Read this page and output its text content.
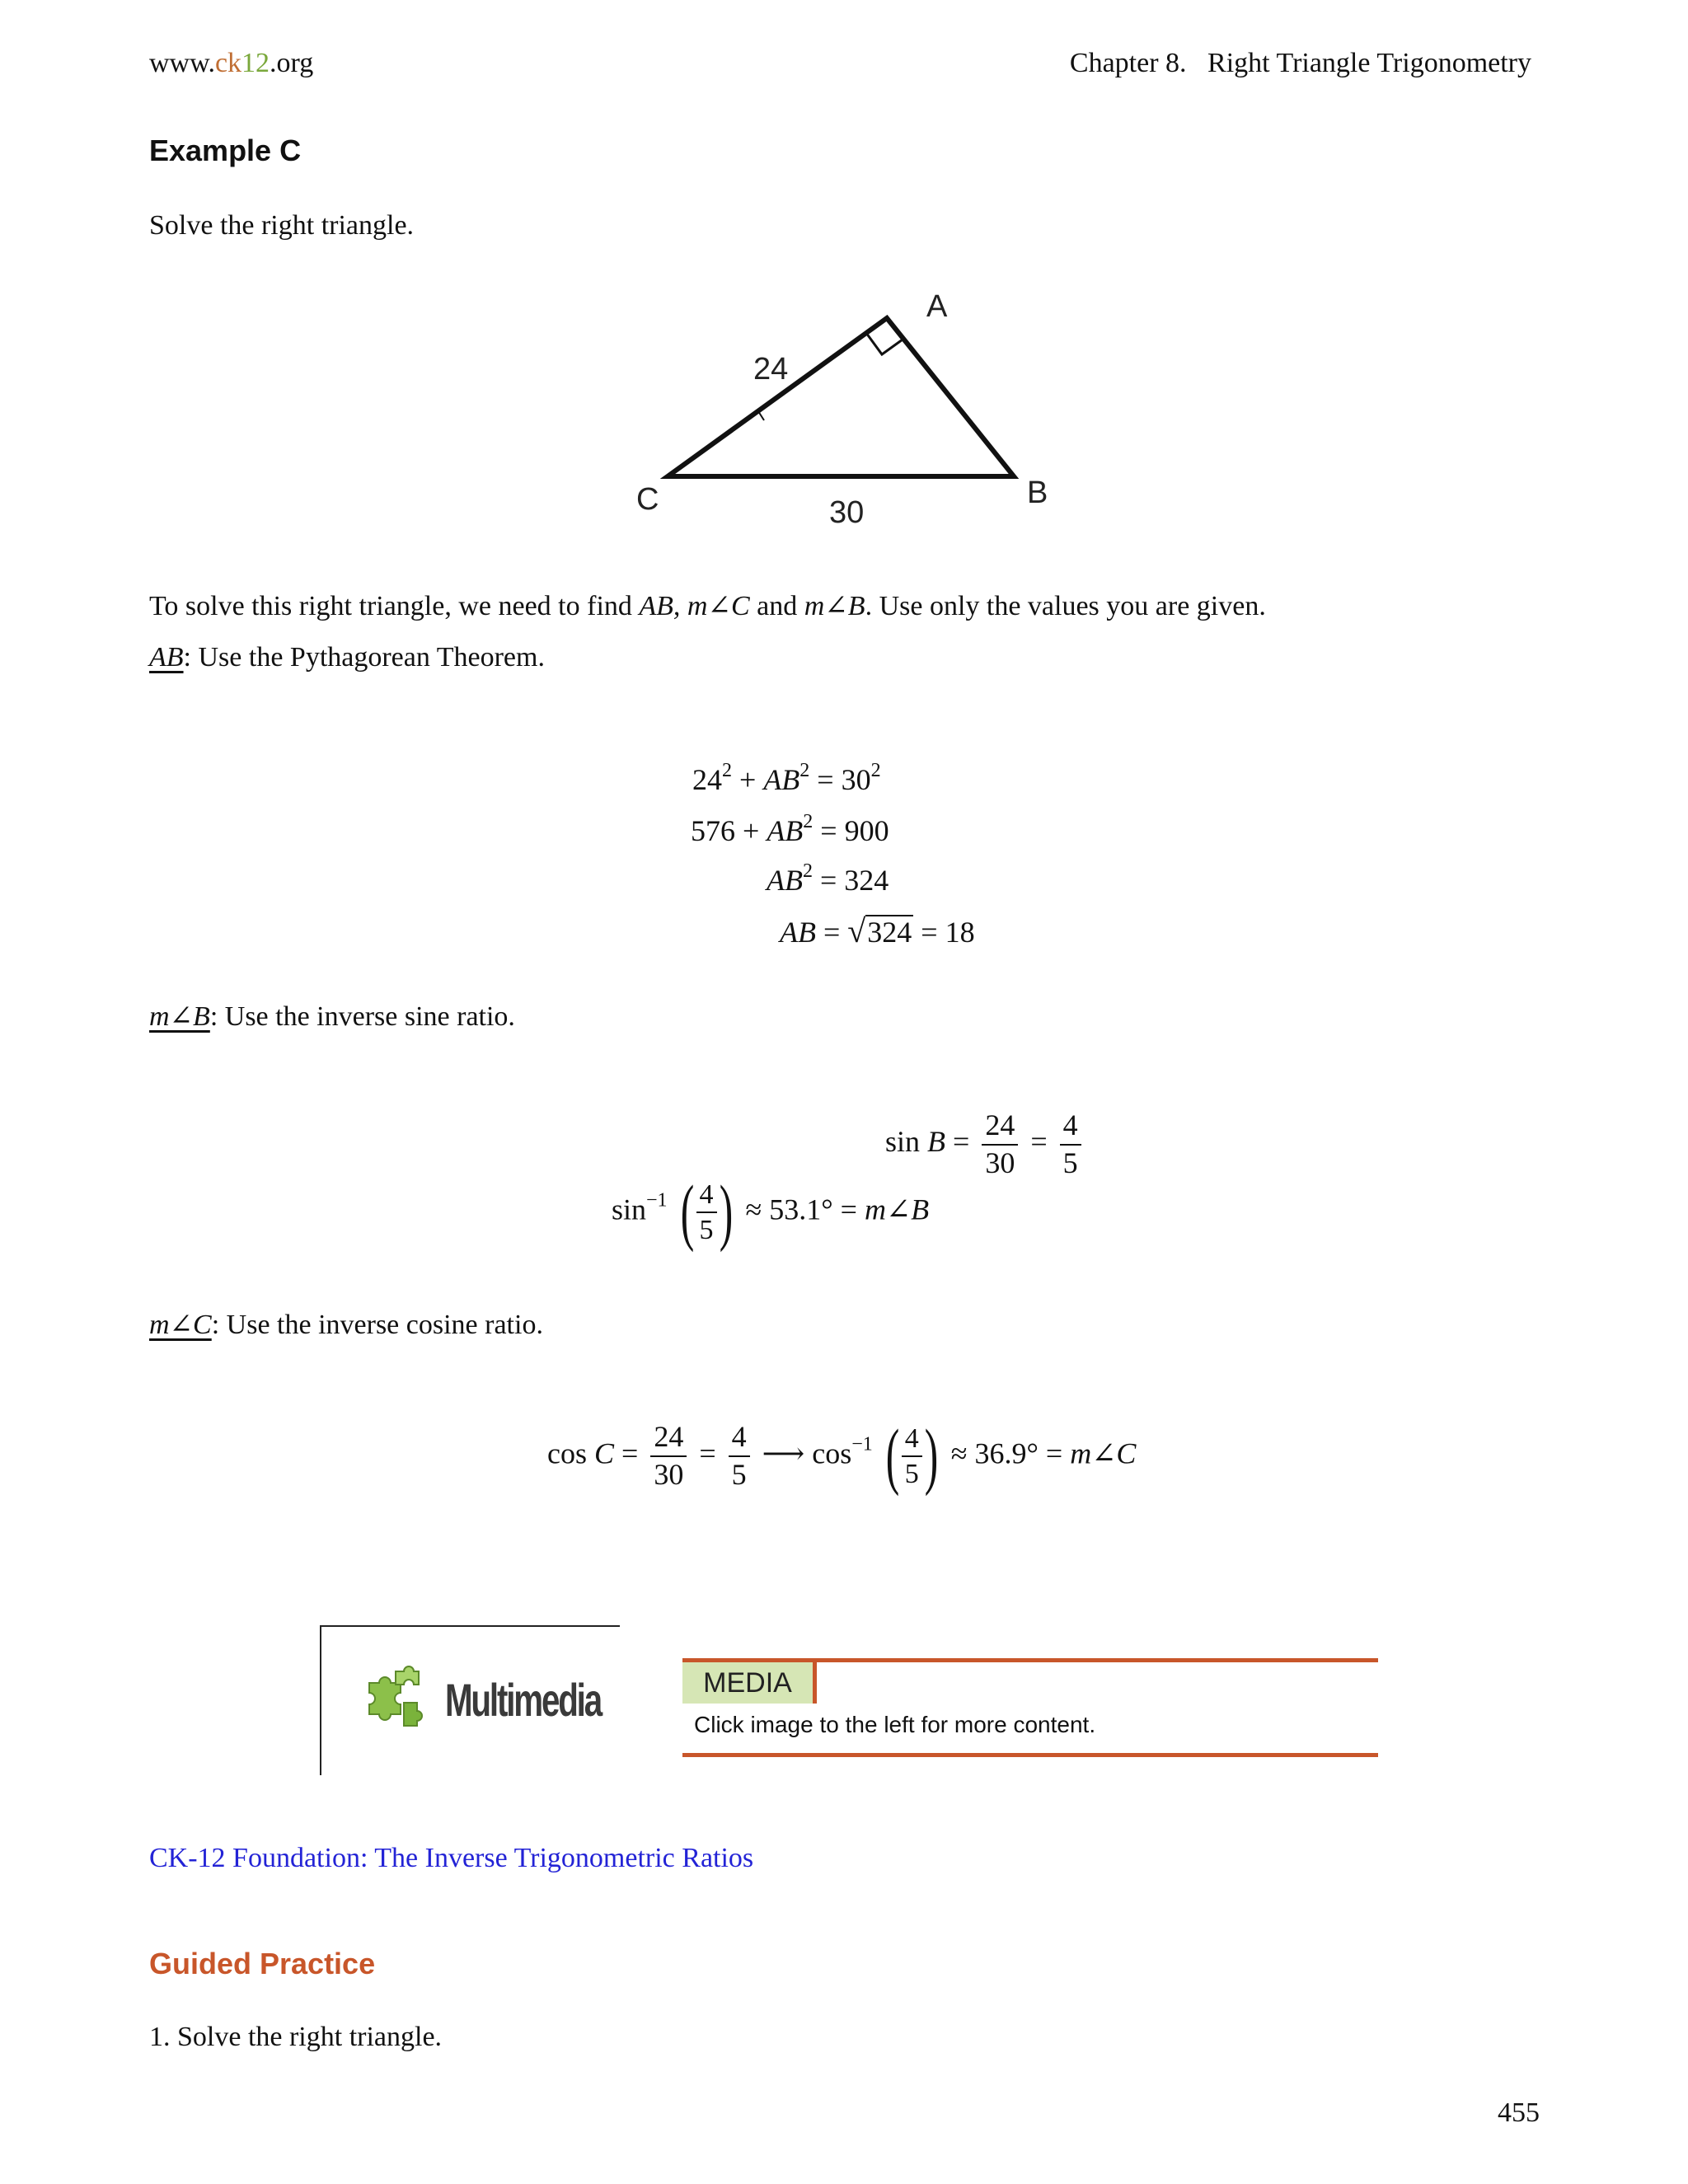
www.ck12.org	Chapter 8.   Right Triangle Trigonometry
Example C
Solve the right triangle.
A
B
C
24
30
To solve this right triangle, we need to find AB, m∠C and m∠B. Use only the values you are given.
AB: Use the Pythagorean Theorem.
$24^2 + AB^2 = 30^2$
$576 + AB^2 = 900$
$AB^2 = 324$
AB = √324 = 18
m∠B: Use the inverse sine ratio.
$\sin B = \frac{24}{30} = \frac{4}{5}$
$\sin^{-1}$ ( $\frac{4}{5}$ ) ≈ 53.1° = m∠B
m∠C: Use the inverse cosine ratio.
$\cos C = \frac{24}{30} = \frac{4}{5}$ ⟶ $\cos^{-1}$ ( $\frac{4}{5}$ ) ≈ 36.9° = m∠C
Multimedia	MEDIA
Click image to the left for more content.
CK-12 Foundation: The Inverse Trigonometric Ratios
Guided Practice
1. Solve the right triangle.
455
